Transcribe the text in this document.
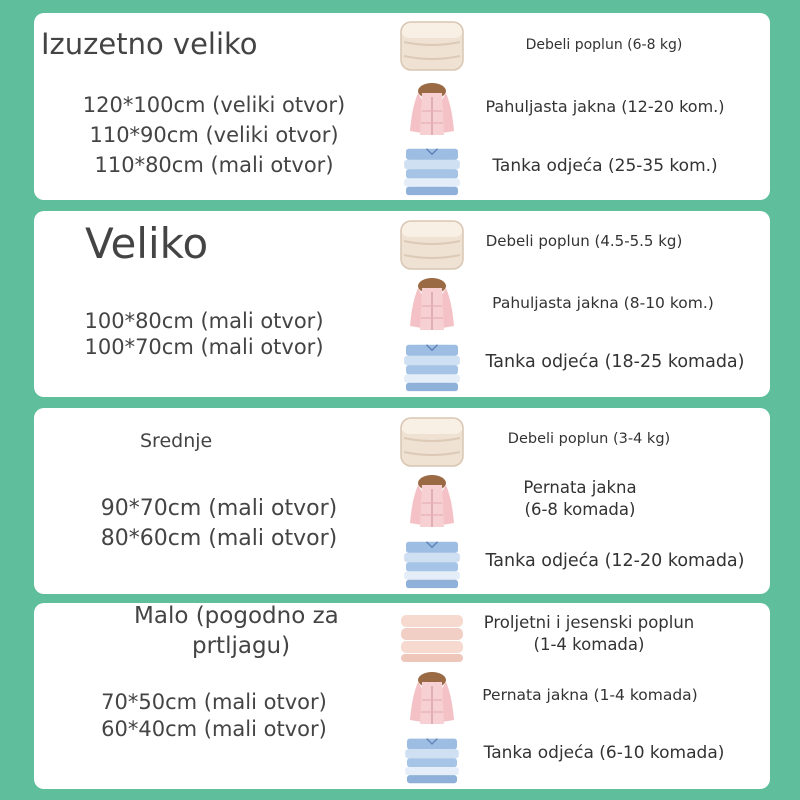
Izuzetno veliko
120*100cm (veliki otvor)
110*90cm (veliki otvor)
110*80cm (mali otvor)
Debeli poplun (6-8 kg)
Pahuljasta jakna (12-20 kom.)
Tanka odjeća (25-35 kom.)
Veliko
100*80cm (mali otvor)
100*70cm (mali otvor)
Debeli poplun (4.5-5.5 kg)
Pahuljasta jakna (8-10 kom.)
Tanka odjeća (18-25 komada)
Srednje
90*70cm (mali otvor)
80*60cm (mali otvor)
Debeli poplun (3-4 kg)
Pernata jakna
(6-8 komada)
Tanka odjeća (12-20 komada)
Malo (pogodno za
prtljagu)
70*50cm (mali otvor)
60*40cm (mali otvor)
Proljetni i jesenski poplun
(1-4 komada)
Pernata jakna (1-4 komada)
Tanka odjeća (6-10 komada)
